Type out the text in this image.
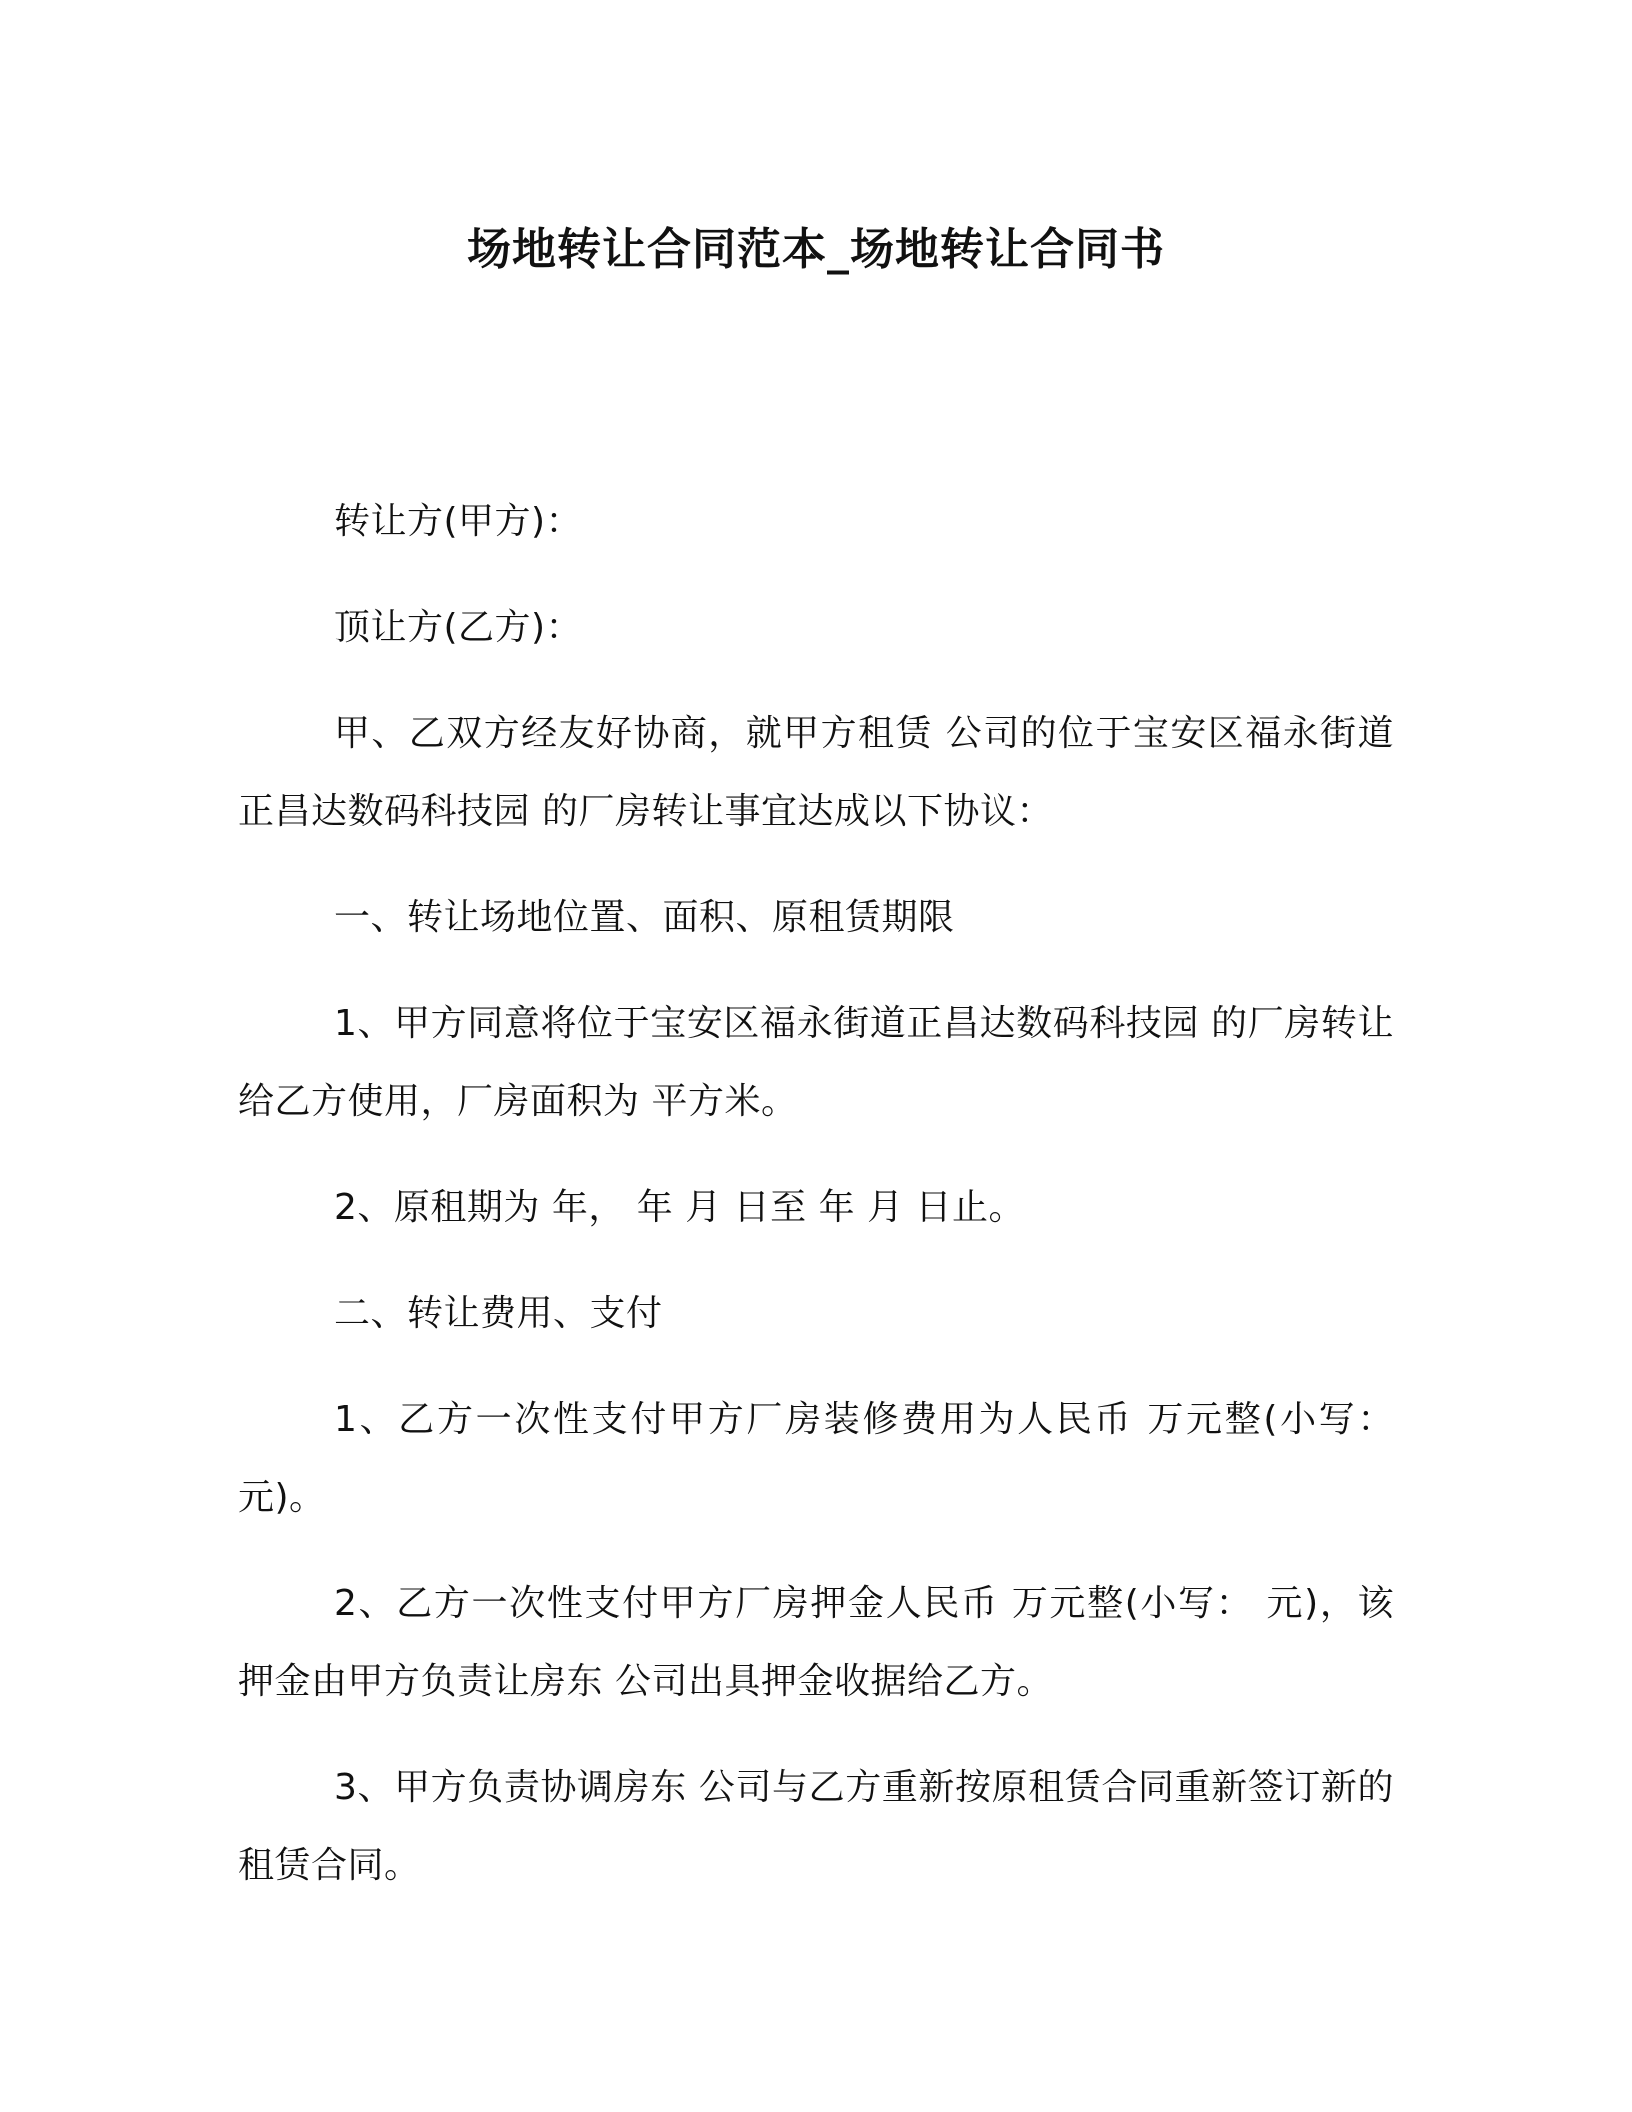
场地转让合同范本_场地转让合同书

转让方(甲方)：

顶让方(乙方)：

甲、乙双方经友好协商，就甲方租赁 公司的位于宝安区福永街道正昌达数码科技园 的厂房转让事宜达成以下协议：

一、转让场地位置、面积、原租赁期限

1、甲方同意将位于宝安区福永街道正昌达数码科技园 的厂房转让给乙方使用，厂房面积为 平方米。

2、原租期为 年， 年 月 日至 年 月 日止。

二、转让费用、支付

1、乙方一次性支付甲方厂房装修费用为人民币 万元整(小写： 元)。

2、乙方一次性支付甲方厂房押金人民币 万元整(小写： 元)，该押金由甲方负责让房东 公司出具押金收据给乙方。

3、甲方负责协调房东 公司与乙方重新按原租赁合同重新签订新的租赁合同。
